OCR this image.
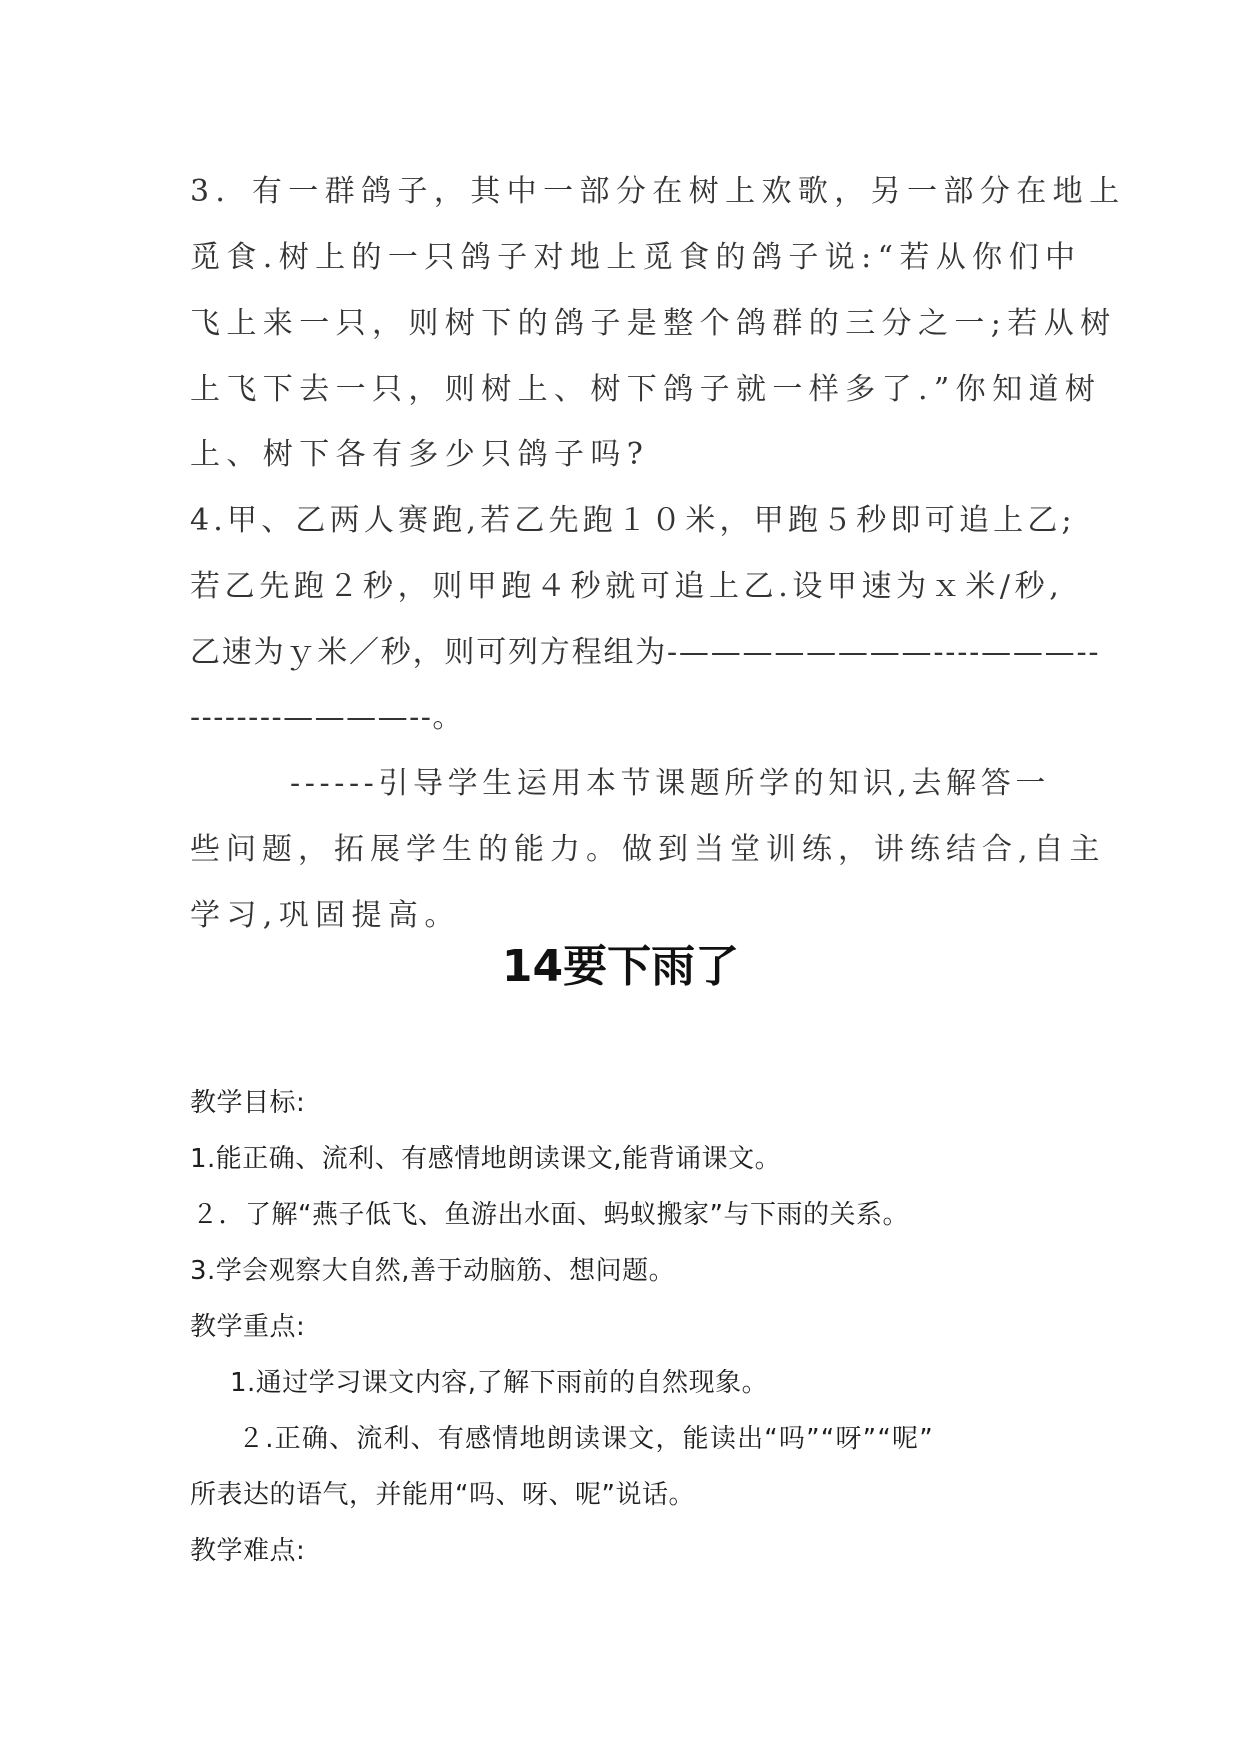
3．有一群鸽子，其中一部分在树上欢歌，另一部分在地上
觅食.树上的一只鸽子对地上觅食的鸽子说:“若从你们中
飞上来一只，则树下的鸽子是整个鸽群的三分之一;若从树
上飞下去一只，则树上、树下鸽子就一样多了.”你知道树
上、树下各有多少只鸽子吗?
4.甲、乙两人赛跑,若乙先跑１０米，甲跑５秒即可追上乙;
若乙先跑２秒，则甲跑４秒就可追上乙.设甲速为ｘ米/秒,
乙速为ｙ米／秒，则可列方程组为-————————----———--
--------————--。
------引导学生运用本节课题所学的知识,去解答一
些问题，拓展学生的能力。做到当堂训练，讲练结合,自主
学习,巩固提高。
14要下雨了
教学目标:
1.能正确、流利、有感情地朗读课文,能背诵课文。
２．了解“燕子低飞、鱼游出水面、蚂蚁搬家”与下雨的关系。
3.学会观察大自然,善于动脑筋、想问题。
教学重点:
1.通过学习课文内容,了解下雨前的自然现象。
２.正确、流利、有感情地朗读课文，能读出“吗”“呀”“呢”
所表达的语气，并能用“吗、呀、呢”说话。
教学难点:
